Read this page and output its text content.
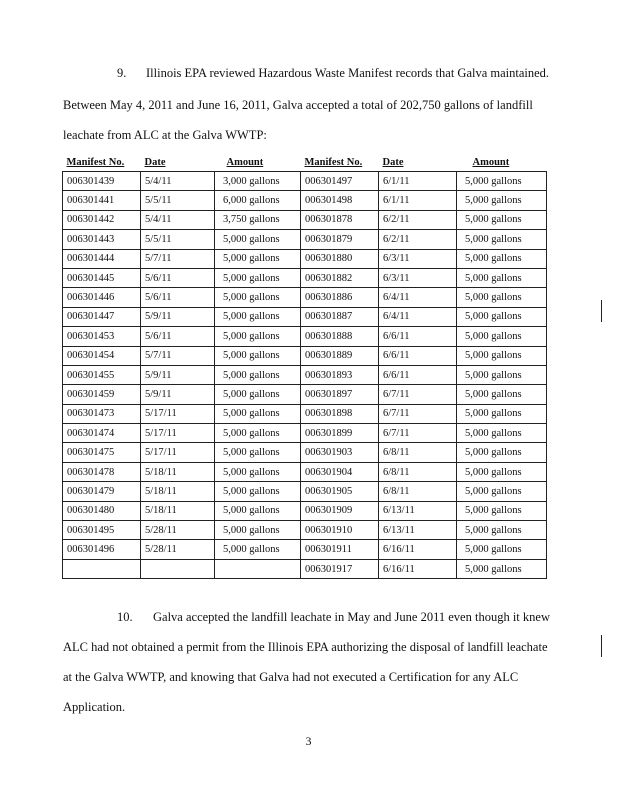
9. Illinois EPA reviewed Hazardous Waste Manifest records that Galva maintained.
Between May 4, 2011 and June 16, 2011, Galva accepted a total of 202,750 gallons of landfill
leachate from ALC at the Galva WWTP:
Manifest No.	Date	Amount	Manifest No.	Date	Amount
006301439	5/4/11	3,000 gallons	006301497	6/1/11	5,000 gallons
006301441	5/5/11	6,000 gallons	006301498	6/1/11	5,000 gallons
006301442	5/4/11	3,750 gallons	006301878	6/2/11	5,000 gallons
006301443	5/5/11	5,000 gallons	006301879	6/2/11	5,000 gallons
006301444	5/7/11	5,000 gallons	006301880	6/3/11	5,000 gallons
006301445	5/6/11	5,000 gallons	006301882	6/3/11	5,000 gallons
006301446	5/6/11	5,000 gallons	006301886	6/4/11	5,000 gallons
006301447	5/9/11	5,000 gallons	006301887	6/4/11	5,000 gallons
006301453	5/6/11	5,000 gallons	006301888	6/6/11	5,000 gallons
006301454	5/7/11	5,000 gallons	006301889	6/6/11	5,000 gallons
006301455	5/9/11	5,000 gallons	006301893	6/6/11	5,000 gallons
006301459	5/9/11	5,000 gallons	006301897	6/7/11	5,000 gallons
006301473	5/17/11	5,000 gallons	006301898	6/7/11	5,000 gallons
006301474	5/17/11	5,000 gallons	006301899	6/7/11	5,000 gallons
006301475	5/17/11	5,000 gallons	006301903	6/8/11	5,000 gallons
006301478	5/18/11	5,000 gallons	006301904	6/8/11	5,000 gallons
006301479	5/18/11	5,000 gallons	006301905	6/8/11	5,000 gallons
006301480	5/18/11	5,000 gallons	006301909	6/13/11	5,000 gallons
006301495	5/28/11	5,000 gallons	006301910	6/13/11	5,000 gallons
006301496	5/28/11	5,000 gallons	006301911	6/16/11	5,000 gallons
			006301917	6/16/11	5,000 gallons
10. Galva accepted the landfill leachate in May and June 2011 even though it knew
ALC had not obtained a permit from the Illinois EPA authorizing the disposal of landfill leachate
at the Galva WWTP, and knowing that Galva had not executed a Certification for any ALC
Application.
3
